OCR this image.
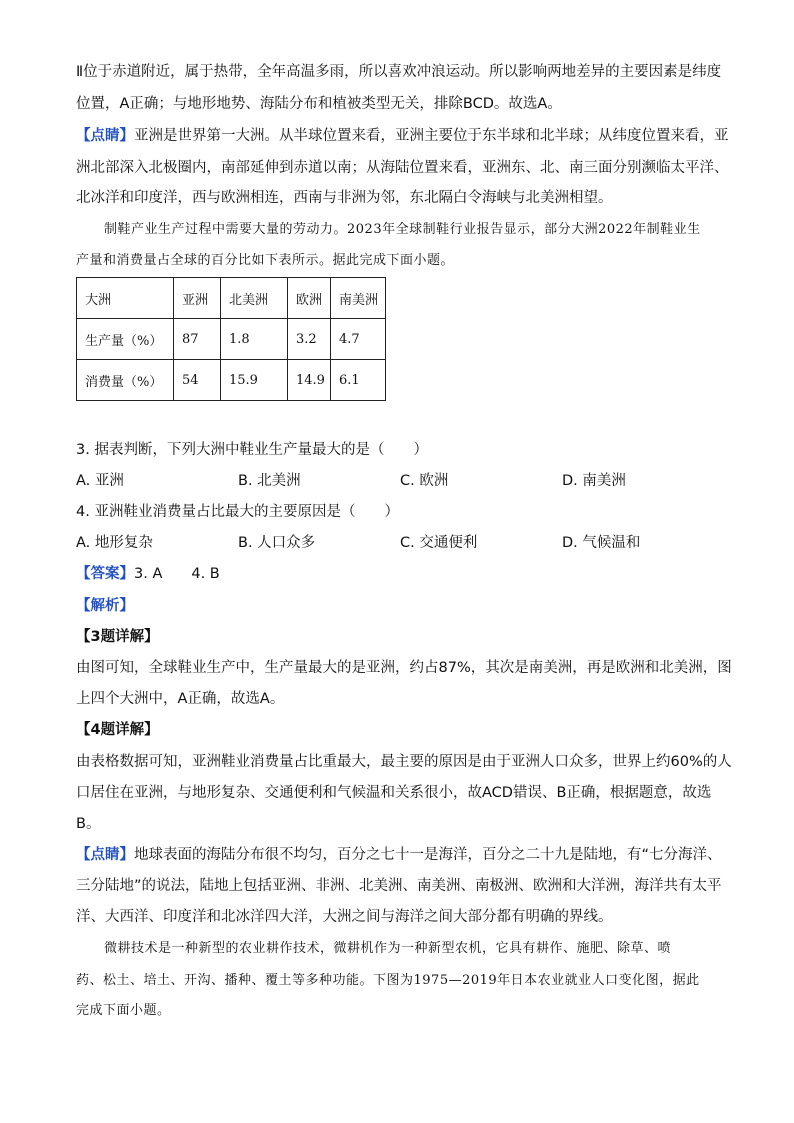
Ⅱ位于赤道附近，属于热带，全年高温多雨，所以喜欢冲浪运动。所以影响两地差异的主要因素是纬度
位置，A正确；与地形地势、海陆分布和植被类型无关，排除BCD。故选A。
【点睛】亚洲是世界第一大洲。从半球位置来看，亚洲主要位于东半球和北半球；从纬度位置来看，亚
洲北部深入北极圈内，南部延伸到赤道以南；从海陆位置来看，亚洲东、北、南三面分别濒临太平洋、
北冰洋和印度洋，西与欧洲相连，西南与非洲为邻，东北隔白令海峡与北美洲相望。
制鞋产业生产过程中需要大量的劳动力。2023年全球制鞋行业报告显示，部分大洲2022年制鞋业生
产量和消费量占全球的百分比如下表所示。据此完成下面小题。
大洲	亚洲	北美洲	欧洲	南美洲
生产量（%）	87	1.8	3.2	4.7
消费量（%）	54	15.9	14.9	6.1
3. 据表判断，下列大洲中鞋业生产量最大的是（　　）
A. 亚洲	B. 北美洲	C. 欧洲	D. 南美洲
4. 亚洲鞋业消费量占比最大的主要原因是（　　）
A. 地形复杂	B. 人口众多	C. 交通便利	D. 气候温和
【答案】3. A　　4. B
【解析】
【3题详解】
由图可知，全球鞋业生产中，生产量最大的是亚洲，约占87%，其次是南美洲，再是欧洲和北美洲，图
上四个大洲中，A正确，故选A。
【4题详解】
由表格数据可知，亚洲鞋业消费量占比重最大，最主要的原因是由于亚洲人口众多，世界上约60%的人
口居住在亚洲，与地形复杂、交通便利和气候温和关系很小，故ACD错误、B正确，根据题意，故选
B。
【点睛】地球表面的海陆分布很不均匀，百分之七十一是海洋，百分之二十九是陆地，有“七分海洋、
三分陆地”的说法，陆地上包括亚洲、非洲、北美洲、南美洲、南极洲、欧洲和大洋洲，海洋共有太平
洋、大西洋、印度洋和北冰洋四大洋，大洲之间与海洋之间大部分都有明确的界线。
微耕技术是一种新型的农业耕作技术，微耕机作为一种新型农机，它具有耕作、施肥、除草、喷
药、松土、培土、开沟、播种、覆土等多种功能。下图为1975—2019年日本农业就业人口变化图，据此
完成下面小题。
